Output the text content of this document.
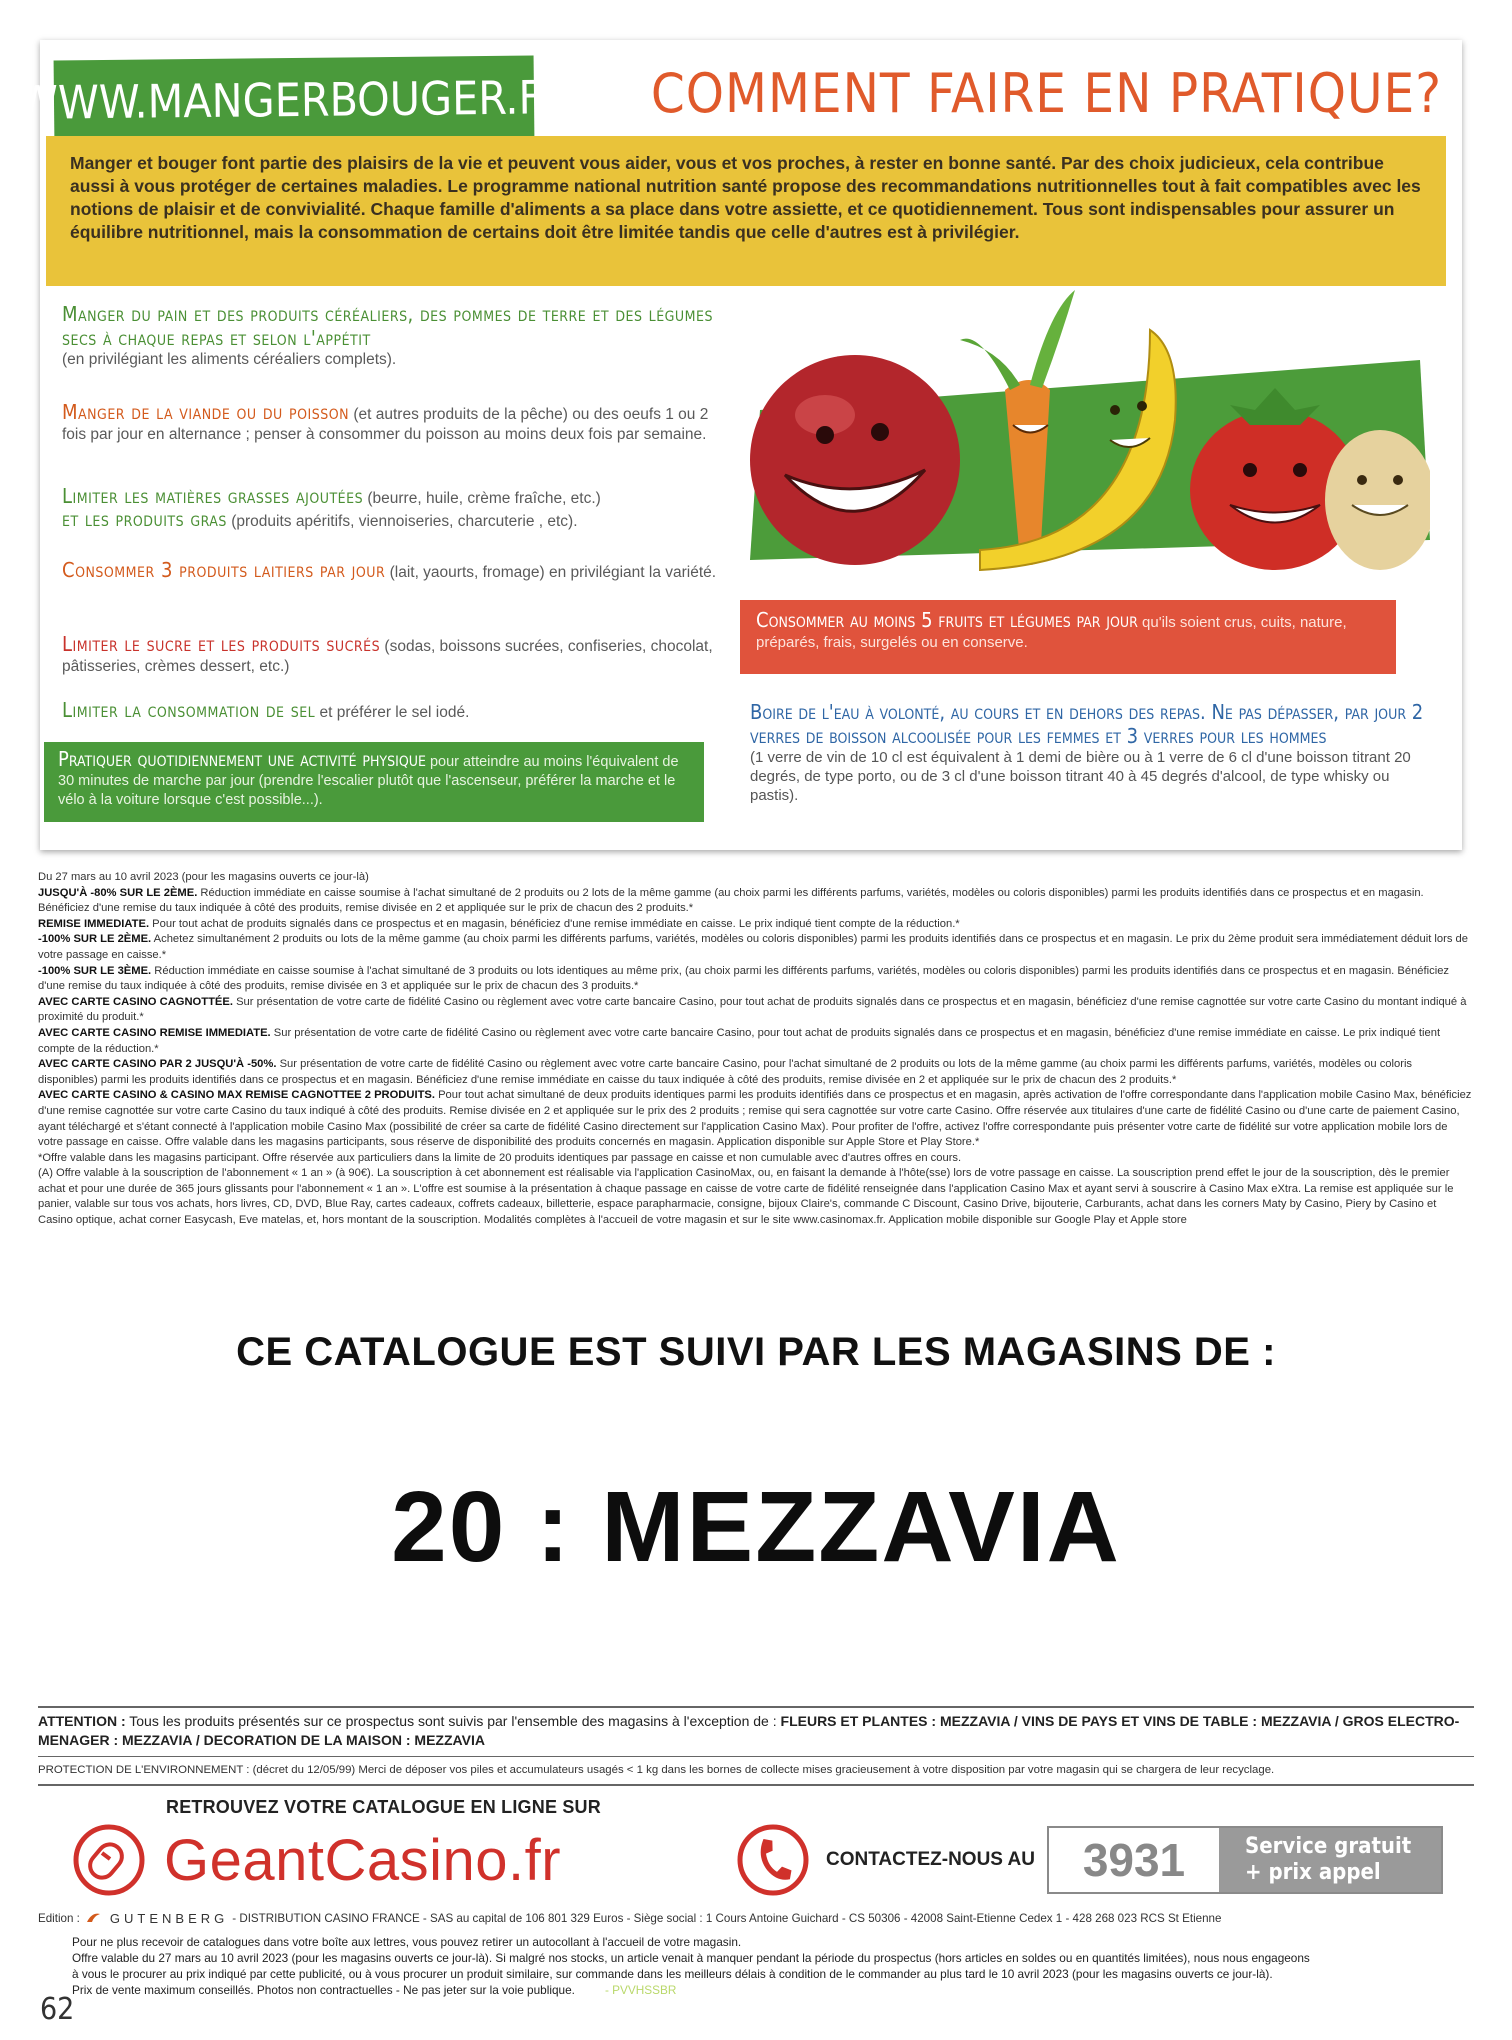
WWW.MANGERBOUGER.FR COMMENT FAIRE EN PRATIQUE?
Manger et bouger font partie des plaisirs de la vie et peuvent vous aider, vous et vos proches, à rester en bonne santé. Par des choix judicieux, cela contribue aussi à vous protéger de certaines maladies. Le programme national nutrition santé propose des recommandations nutritionnelles tout à fait compatibles avec les notions de plaisir et de convivialité. Chaque famille d'aliments a sa place dans votre assiette, et ce quotidiennement. Tous sont indispensables pour assurer un équilibre nutritionnel, mais la consommation de certains doit être limitée tandis que celle d'autres est à privilégier.
Manger du pain et des produits céréaliers, des pommes de terre et des légumes secs à chaque repas et selon l'appétit
(en privilégiant les aliments céréaliers complets).
Manger de la viande ou du poisson (et autres produits de la pêche) ou des oeufs 1 ou 2 fois par jour en alternance ; penser à consommer du poisson au moins deux fois par semaine.
Limiter les matières grasses ajoutées (beurre, huile, crème fraîche, etc.)
et les produits gras (produits apéritifs, viennoiseries, charcuterie , etc).
Consommer 3 produits laitiers par jour (lait, yaourts, fromage) en privilégiant la variété.
Limiter le sucre et les produits sucrés (sodas, boissons sucrées, confiseries, chocolat, pâtisseries, crèmes dessert, etc.)
Limiter la consommation de sel et préférer le sel iodé.
Pratiquer quotidiennement une activité physique pour atteindre au moins l'équivalent de 30 minutes de marche par jour (prendre l'escalier plutôt que l'ascenseur, préférer la marche et le vélo à la voiture lorsque c'est possible...).
Consommer au moins 5 fruits et légumes par jour qu'ils soient crus, cuits, nature, préparés, frais, surgelés ou en conserve.
Boire de l'eau à volonté, au cours et en dehors des repas. Ne pas dépasser, par jour 2 verres de boisson alcoolisée pour les femmes et 3 verres pour les hommes
(1 verre de vin de 10 cl est équivalent à 1 demi de bière ou à 1 verre de 6 cl d'une boisson titrant 20 degrés, de type porto, ou de 3 cl d'une boisson titrant 40 à 45 degrés d'alcool, de type whisky ou pastis).

Du 27 mars au 10 avril 2023 (pour les magasins ouverts ce jour-là)

JUSQU'À -80% SUR LE 2ÈME. Réduction immédiate en caisse soumise à l'achat simultané de 2 produits ou 2 lots de la même gamme (au choix parmi les différents parfums, variétés, modèles ou coloris disponibles) parmi les produits identifiés dans ce prospectus et en magasin. Bénéficiez d'une remise du taux indiquée à côté des produits, remise divisée en 2 et appliquée sur le prix de chacun des 2 produits.*

REMISE IMMEDIATE. Pour tout achat de produits signalés dans ce prospectus et en magasin, bénéficiez d'une remise immédiate en caisse. Le prix indiqué tient compte de la réduction.*

-100% SUR LE 2ÈME. Achetez simultanément 2 produits ou lots de la même gamme (au choix parmi les différents parfums, variétés, modèles ou coloris disponibles) parmi les produits identifiés dans ce prospectus et en magasin. Le prix du 2ème produit sera immédiatement déduit lors de votre passage en caisse.*

-100% SUR LE 3ÈME. Réduction immédiate en caisse soumise à l'achat simultané de 3 produits ou lots identiques au même prix, (au choix parmi les différents parfums, variétés, modèles ou coloris disponibles) parmi les produits identifiés dans ce prospectus et en magasin. Bénéficiez d'une remise du taux indiquée à côté des produits, remise divisée en 3 et appliquée sur le prix de chacun des 3 produits.*

AVEC CARTE CASINO CAGNOTTÉE. Sur présentation de votre carte de fidélité Casino ou règlement avec votre carte bancaire Casino, pour tout achat de produits signalés dans ce prospectus et en magasin, bénéficiez d'une remise cagnottée sur votre carte Casino du montant indiqué à proximité du produit.*

AVEC CARTE CASINO REMISE IMMEDIATE. Sur présentation de votre carte de fidélité Casino ou règlement avec votre carte bancaire Casino, pour tout achat de produits signalés dans ce prospectus et en magasin, bénéficiez d'une remise immédiate en caisse. Le prix indiqué tient compte de la réduction.*

AVEC CARTE CASINO PAR 2 JUSQU'À -50%. Sur présentation de votre carte de fidélité Casino ou règlement avec votre carte bancaire Casino, pour l'achat simultané de 2 produits ou lots de la même gamme (au choix parmi les différents parfums, variétés, modèles ou coloris disponibles) parmi les produits identifiés dans ce prospectus et en magasin. Bénéficiez d'une remise immédiate en caisse du taux indiquée à côté des produits, remise divisée en 2 et appliquée sur le prix de chacun des 2 produits.*

AVEC CARTE CASINO & CASINO MAX REMISE CAGNOTTEE 2 PRODUITS. Pour tout achat simultané de deux produits identiques parmi les produits identifiés dans ce prospectus et en magasin, après activation de l'offre correspondante dans l'application mobile Casino Max, bénéficiez d'une remise cagnottée sur votre carte Casino du taux indiqué à côté des produits. Remise divisée en 2 et appliquée sur le prix des 2 produits ; remise qui sera cagnottée sur votre carte Casino. Offre réservée aux titulaires d'une carte de fidélité Casino ou d'une carte de paiement Casino, ayant téléchargé et s'étant connecté à l'application mobile Casino Max (possibilité de créer sa carte de fidélité Casino directement sur l'application Casino Max). Pour profiter de l'offre, activez l'offre correspondante puis présenter votre carte de fidélité sur votre application mobile lors de votre passage en caisse. Offre valable dans les magasins participants, sous réserve de disponibilité des produits concernés en magasin. Application disponible sur Apple Store et Play Store.*

*Offre valable dans les magasins participant. Offre réservée aux particuliers dans la limite de 20 produits identiques par passage en caisse et non cumulable avec d'autres offres en cours.

(A) Offre valable à la souscription de l'abonnement « 1 an » (à 90€). La souscription à cet abonnement est réalisable via l'application CasinoMax, ou, en faisant la demande à l'hôte(sse) lors de votre passage en caisse. La souscription prend effet le jour de la souscription, dès le premier achat et pour une durée de 365 jours glissants pour l'abonnement « 1 an ». L'offre est soumise à la présentation à chaque passage en caisse de votre carte de fidélité renseignée dans l'application Casino Max et ayant servi à souscrire à Casino Max eXtra. La remise est appliquée sur le panier, valable sur tous vos achats, hors livres, CD, DVD, Blue Ray, cartes cadeaux, coffrets cadeaux, billetterie, espace parapharmacie, consigne, bijoux Claire's, commande C Discount, Casino Drive, bijouterie, Carburants, achat dans les corners Maty by Casino, Piery by Casino et Casino optique, achat corner Easycash, Eve matelas, et, hors montant de la souscription. Modalités complètes à l'accueil de votre magasin et sur le site www.casinomax.fr. Application mobile disponible sur Google Play et Apple store

CE CATALOGUE EST SUIVI PAR LES MAGASINS DE :
20 : MEZZAVIA
ATTENTION : Tous les produits présentés sur ce prospectus sont suivis par l'ensemble des magasins à l'exception de : FLEURS ET PLANTES : MEZZAVIA / VINS DE PAYS ET VINS DE TABLE : MEZZAVIA / GROS ELECTRO-MENAGER : MEZZAVIA / DECORATION DE LA MAISON : MEZZAVIA
PROTECTION DE L'ENVIRONNEMENT : (décret du 12/05/99) Merci de déposer vos piles et accumulateurs usagés < 1 kg dans les bornes de collecte mises gracieusement à votre disposition par votre magasin qui se chargera de leur recyclage.
RETROUVEZ VOTRE CATALOGUE EN LIGNE SUR
GeantCasino.fr	CONTACTEZ-NOUS AU	3931	Service gratuit
+ prix appel
Edition : GUTENBERG - DISTRIBUTION CASINO FRANCE - SAS au capital de 106 801 329 Euros - Siège social : 1 Cours Antoine Guichard - CS 50306 - 42008 Saint-Etienne Cedex 1 - 428 268 023 RCS St Etienne
Pour ne plus recevoir de catalogues dans votre boîte aux lettres, vous pouvez retirer un autocollant à l'accueil de votre magasin.
Offre valable du 27 mars au 10 avril 2023 (pour les magasins ouverts ce jour-là). Si malgré nos stocks, un article venait à manquer pendant la période du prospectus (hors articles en soldes ou en quantités limitées), nous nous engageons
à vous le procurer au prix indiqué par cette publicité, ou à vous procurer un produit similaire, sur commande dans les meilleurs délais à condition de le commander au plus tard le 10 avril 2023 (pour les magasins ouverts ce jour-là).
Prix de vente maximum conseillés. Photos non contractuelles - Ne pas jeter sur la voie publique.	- PVVHSSBR
62
